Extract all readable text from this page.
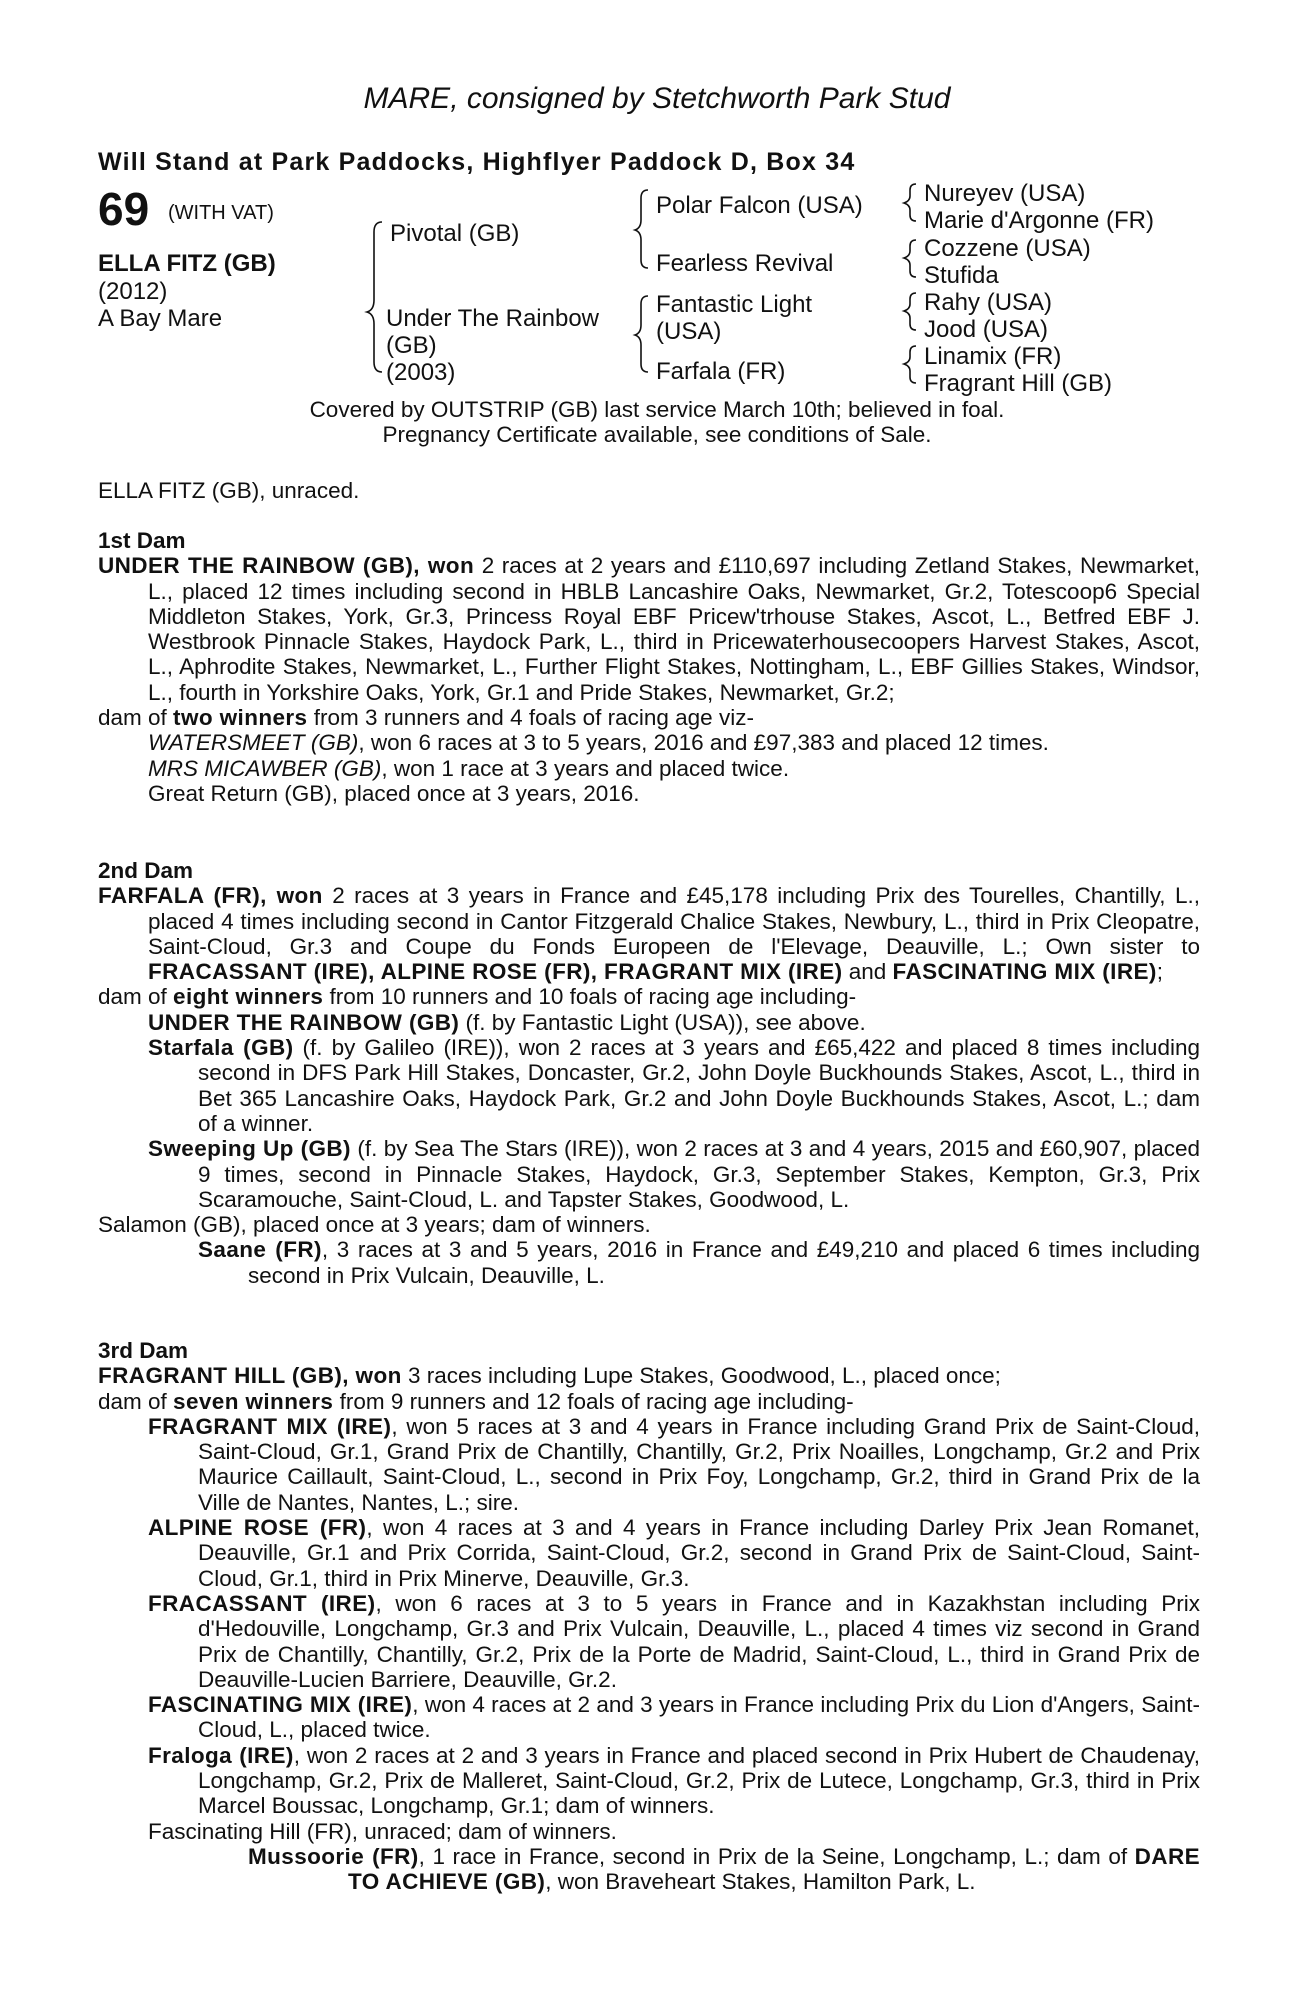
MARE, consigned by Stetchworth Park Stud
Will Stand at Park Paddocks, Highflyer Paddock D, Box 34
69 (WITH VAT)
ELLA FITZ (GB)
(2012)
A Bay Mare
Pivotal (GB)
Under The Rainbow
(GB)
(2003)
Polar Falcon (USA)
Fearless Revival
Fantastic Light
(USA)
Farfala (FR)
Nureyev (USA)
Marie d'Argonne (FR)
Cozzene (USA)
Stufida
Rahy (USA)
Jood (USA)
Linamix (FR)
Fragrant Hill (GB)
Covered by OUTSTRIP (GB) last service March 10th; believed in foal.
Pregnancy Certificate available, see conditions of Sale.

ELLA FITZ (GB), unraced.

1st Dam

UNDER THE RAINBOW (GB), won 2 races at 2 years and £110,697 including Zetland Stakes, Newmarket, L., placed 12 times including second in HBLB Lancashire Oaks, Newmarket, Gr.2, Totescoop6 Special Middleton Stakes, York, Gr.3, Princess Royal EBF Pricew'trhouse Stakes, Ascot, L., Betfred EBF J. Westbrook Pinnacle Stakes, Haydock Park, L., third in Pricewaterhousecoopers Harvest Stakes, Ascot, L., Aphrodite Stakes, Newmarket, L., Further Flight Stakes, Nottingham, L., EBF Gillies Stakes, Windsor, L., fourth in Yorkshire Oaks, York, Gr.1 and Pride Stakes, Newmarket, Gr.2;

dam of two winners from 3 runners and 4 foals of racing age viz-

WATERSMEET (GB), won 6 races at 3 to 5 years, 2016 and £97,383 and placed 12 times.

MRS MICAWBER (GB), won 1 race at 3 years and placed twice.

Great Return (GB), placed once at 3 years, 2016.

2nd Dam

FARFALA (FR), won 2 races at 3 years in France and £45,178 including Prix des Tourelles, Chantilly, L., placed 4 times including second in Cantor Fitzgerald Chalice Stakes, Newbury, L., third in Prix Cleopatre, Saint-Cloud, Gr.3 and Coupe du Fonds Europeen de l'Elevage, Deauville, L.; Own sister to FRACASSANT (IRE), ALPINE ROSE (FR), FRAGRANT MIX (IRE) and FASCINATING MIX (IRE);

dam of eight winners from 10 runners and 10 foals of racing age including-

UNDER THE RAINBOW (GB) (f. by Fantastic Light (USA)), see above.

Starfala (GB) (f. by Galileo (IRE)), won 2 races at 3 years and £65,422 and placed 8 times including second in DFS Park Hill Stakes, Doncaster, Gr.2, John Doyle Buckhounds Stakes, Ascot, L., third in Bet 365 Lancashire Oaks, Haydock Park, Gr.2 and John Doyle Buckhounds Stakes, Ascot, L.; dam of a winner.

Sweeping Up (GB) (f. by Sea The Stars (IRE)), won 2 races at 3 and 4 years, 2015 and £60,907, placed 9 times, second in Pinnacle Stakes, Haydock, Gr.3, September Stakes, Kempton, Gr.3, Prix Scaramouche, Saint-Cloud, L. and Tapster Stakes, Goodwood, L.

Salamon (GB), placed once at 3 years; dam of winners.

Saane (FR), 3 races at 3 and 5 years, 2016 in France and £49,210 and placed 6 times including second in Prix Vulcain, Deauville, L.

3rd Dam

FRAGRANT HILL (GB), won 3 races including Lupe Stakes, Goodwood, L., placed once;

dam of seven winners from 9 runners and 12 foals of racing age including-

FRAGRANT MIX (IRE), won 5 races at 3 and 4 years in France including Grand Prix de Saint-Cloud, Saint-Cloud, Gr.1, Grand Prix de Chantilly, Chantilly, Gr.2, Prix Noailles, Longchamp, Gr.2 and Prix Maurice Caillault, Saint-Cloud, L., second in Prix Foy, Longchamp, Gr.2, third in Grand Prix de la Ville de Nantes, Nantes, L.; sire.

ALPINE ROSE (FR), won 4 races at 3 and 4 years in France including Darley Prix Jean Romanet, Deauville, Gr.1 and Prix Corrida, Saint-Cloud, Gr.2, second in Grand Prix de Saint-Cloud, Saint-Cloud, Gr.1, third in Prix Minerve, Deauville, Gr.3.

FRACASSANT (IRE), won 6 races at 3 to 5 years in France and in Kazakhstan including Prix d'Hedouville, Longchamp, Gr.3 and Prix Vulcain, Deauville, L., placed 4 times viz second in Grand Prix de Chantilly, Chantilly, Gr.2, Prix de la Porte de Madrid, Saint-Cloud, L., third in Grand Prix de Deauville-Lucien Barriere, Deauville, Gr.2.

FASCINATING MIX (IRE), won 4 races at 2 and 3 years in France including Prix du Lion d'Angers, Saint-Cloud, L., placed twice.

Fraloga (IRE), won 2 races at 2 and 3 years in France and placed second in Prix Hubert de Chaudenay, Longchamp, Gr.2, Prix de Malleret, Saint-Cloud, Gr.2, Prix de Lutece, Longchamp, Gr.3, third in Prix Marcel Boussac, Longchamp, Gr.1; dam of winners.

Fascinating Hill (FR), unraced; dam of winners.

Mussoorie (FR), 1 race in France, second in Prix de la Seine, Longchamp, L.; dam of DARE TO ACHIEVE (GB), won Braveheart Stakes, Hamilton Park, L.
